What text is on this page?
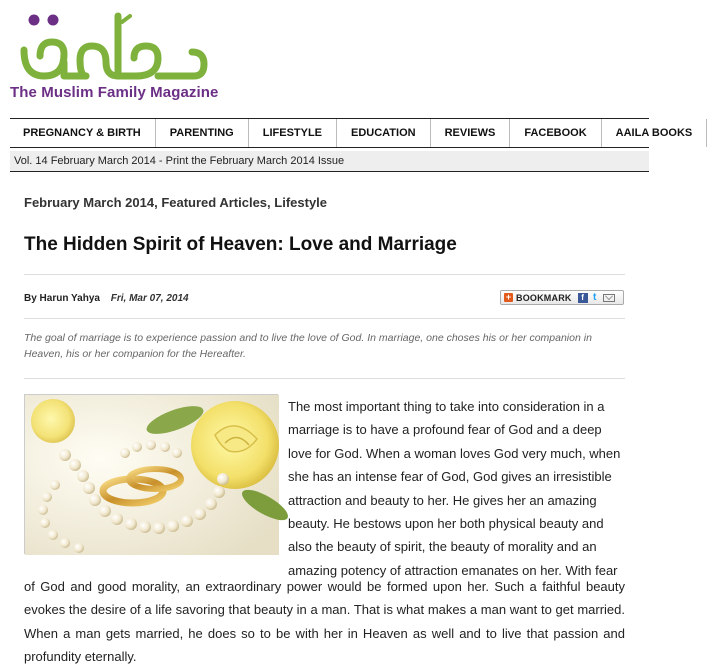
The Muslim Family Magazine
PREGNANCY & BIRTH	PARENTING	LIFESTYLE	EDUCATION	REVIEWS	FACEBOOK	AAILA BOOKS
Vol. 14 February March 2014 - Print the February March 2014 Issue
February March 2014, Featured Articles, Lifestyle
The Hidden Spirit of Heaven: Love and Marriage
By Harun Yahya Fri, Mar 07, 2014	+ BOOKMARK	f t
The goal of marriage is to experience passion and to live the love of God. In marriage, one choses his or her companion in Heaven, his or her companion for the Hereafter.
The most important thing to take into consideration in a
marriage is to have a profound fear of God and a deep
love for God. When a woman loves God very much, when
she has an intense fear of God, God gives an irresistible
attraction and beauty to her. He gives her an amazing
beauty. He bestows upon her both physical beauty and
also the beauty of spirit, the beauty of morality and an
amazing potency of attraction emanates on her. With fear
of God and good morality, an extraordinary power would be formed upon her. Such a faithful beauty evokes the desire of a life savoring that beauty in a man. That is what makes a man want to get married. When a man gets married, he does so to be with her in Heaven as well and to live that passion and profundity eternally.
